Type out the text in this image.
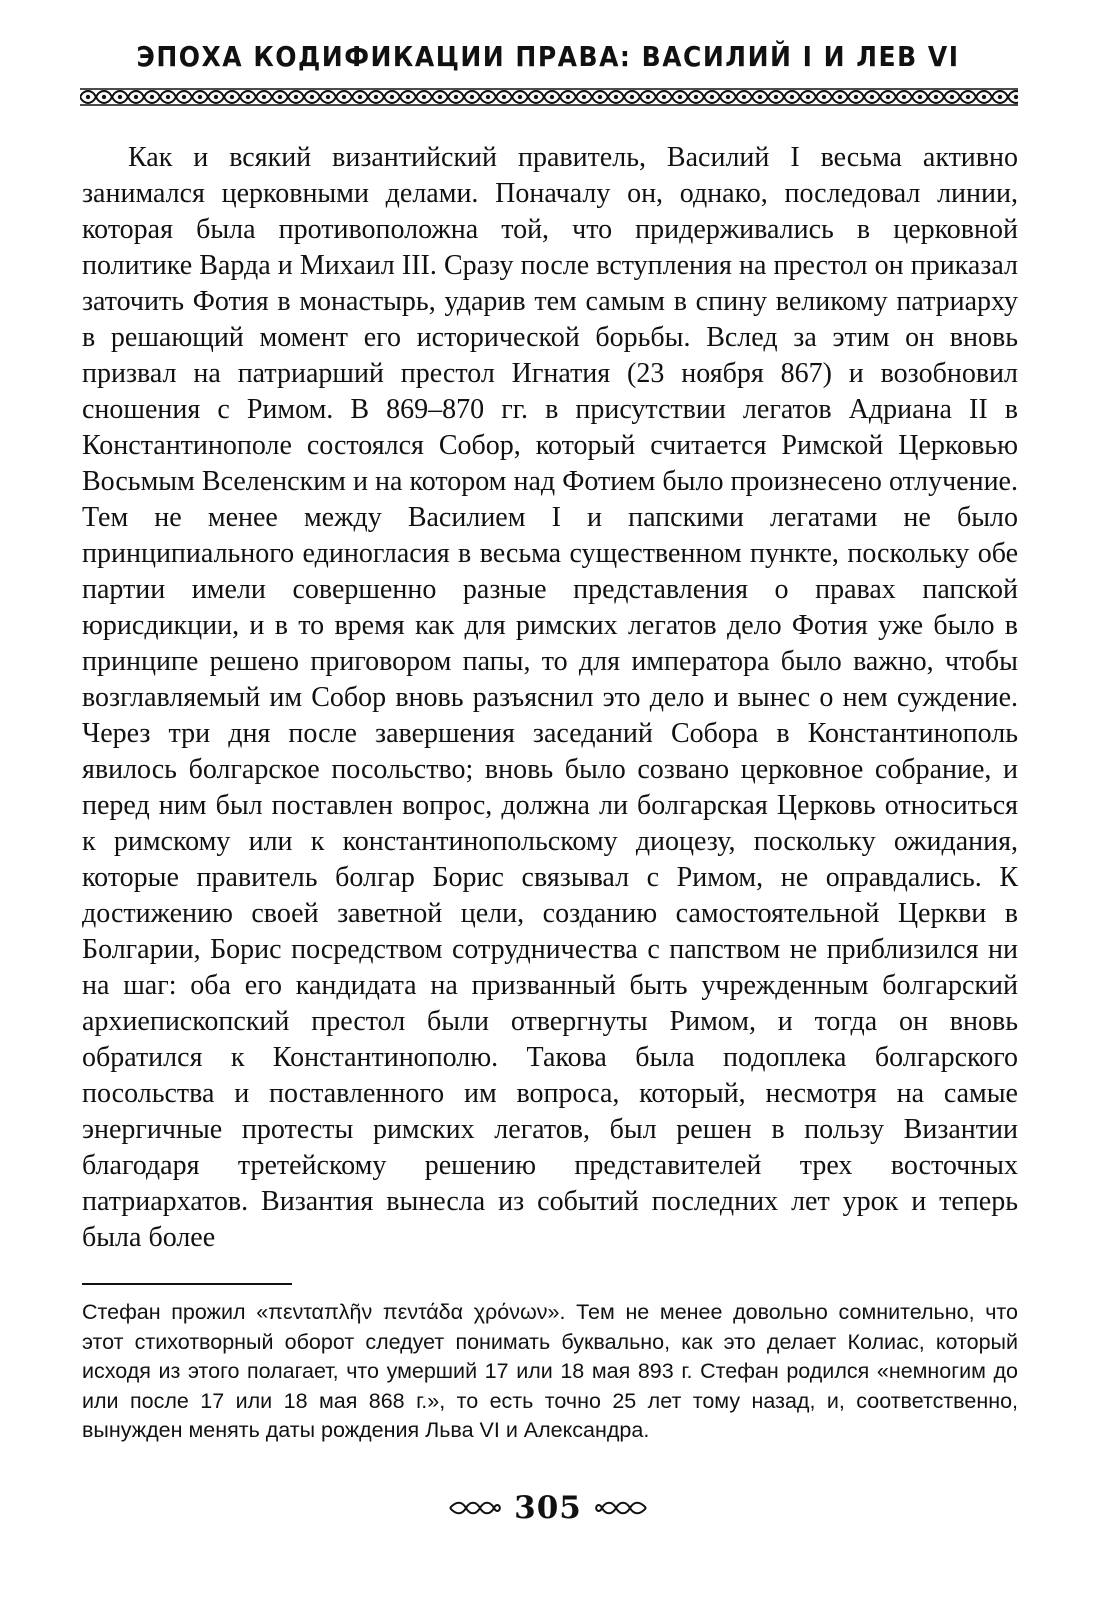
ЭПОХА КОДИФИКАЦИИ ПРАВА: ВАСИЛИЙ I И ЛЕВ VI

Как и всякий византийский правитель, Василий I весьма активно занимался церковными делами. Поначалу он, однако, последовал линии, которая была противоположна той, что придерживались в церковной политике Варда и Михаил III. Сразу после вступления на престол он приказал заточить Фотия в монастырь, ударив тем самым в спину великому патриарху в решающий момент его исторической борьбы. Вслед за этим он вновь призвал на патриарший престол Игнатия (23 ноября 867) и возобновил сношения с Римом. В 869–870 гг. в присутствии легатов Адриана II в Константинополе состоялся Собор, который считается Римской Церковью Восьмым Вселенским и на котором над Фотием было произнесено отлучение. Тем не менее между Василием I и папскими легатами не было принципиального единогласия в весьма существенном пункте, поскольку обе партии имели совершенно разные представления о правах папской юрисдикции, и в то время как для римских легатов дело Фотия уже было в принципе решено приговором папы, то для императора было важно, чтобы возглавляемый им Собор вновь разъяснил это дело и вынес о нем суждение. Через три дня после завершения заседаний Собора в Константинополь явилось болгарское посольство; вновь было созвано церковное собрание, и перед ним был поставлен вопрос, должна ли болгарская Церковь относиться к римскому или к константинопольскому диоцезу, поскольку ожидания, которые правитель болгар Борис связывал с Римом, не оправдались. К достижению своей заветной цели, созданию самостоятельной Церкви в Болгарии, Борис посредством сотрудничества с папством не приблизился ни на шаг: оба его кандидата на призванный быть учрежденным болгарский архиепископский престол были отвергнуты Римом, и тогда он вновь обратился к Константинополю. Такова была подоплека болгарского посольства и поставленного им вопроса, который, несмотря на самые энергичные протесты римских легатов, был решен в пользу Византии благодаря третейскому решению представителей трех восточных патриархатов. Византия вынесла из событий последних лет урок и теперь была более

Стефан прожил «πενταπλῆν πεντάδα χρόνων». Тем не менее довольно сомнительно, что этот стихотворный оборот следует понимать буквально, как это делает Колиас, который исходя из этого полагает, что умерший 17 или 18 мая 893 г. Стефан родился «немногим до или после 17 или 18 мая 868 г.», то есть точно 25 лет тому назад, и, соответственно, вынужден менять даты рождения Льва VI и Александра.

305
